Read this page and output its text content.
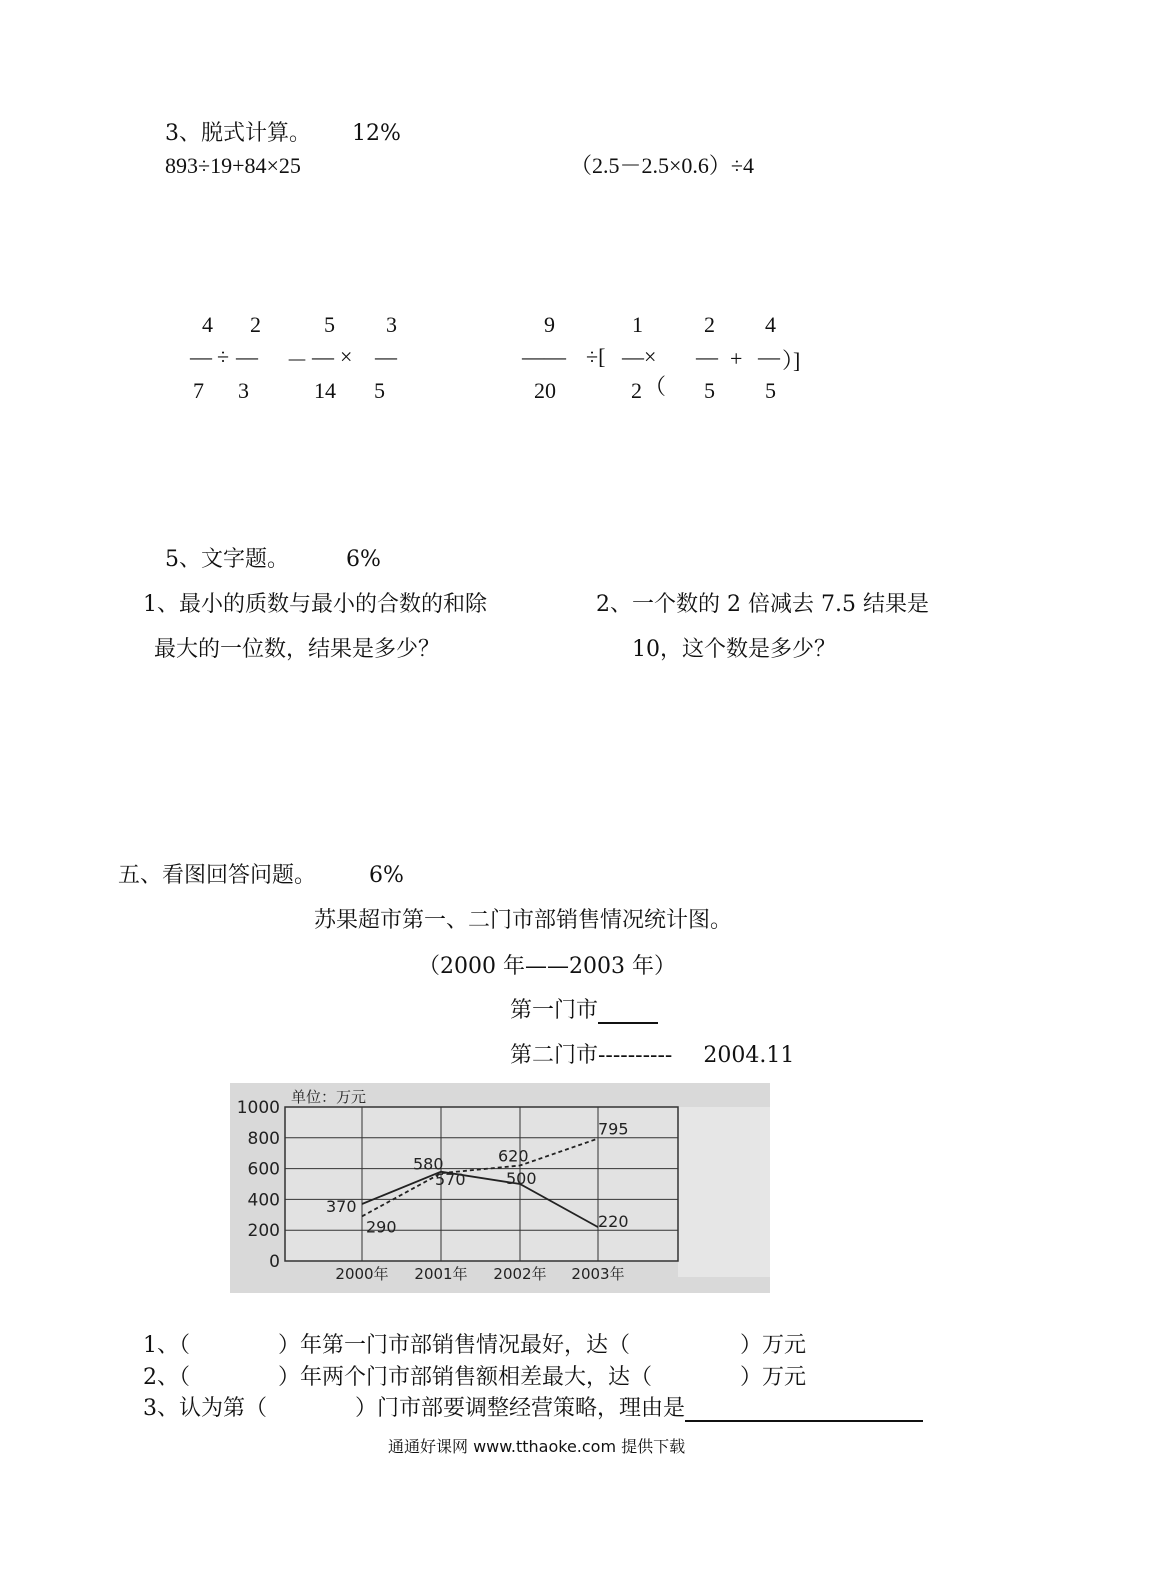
3、脱式计算。 12%
893÷19+84×25	（2.5－2.5×0.6）÷4
4
—
7
÷
2
—
3
－
5
—
14
×
3
—
5
9
——
20
÷[
1
—
2
×（
2
—
5
+
4
—
5
）]
5、文字题。	6%
1、最小的质数与最小的合数的和除
最大的一位数，结果是多少？
2、一个数的 2 倍减去 7.5 结果是
10，这个数是多少？
五、看图回答问题。 6%
苏果超市第一、二门市部销售情况统计图。
（2000 年——2003 年）
第一门市
第二门市---------- 2004.11
0
200
400
600
800
1000
2000年 2001年 2002年 2003年
单位：万元
370
580
500
220
290
570
620
795
1、（　　　　）年第一门市部销售情况最好，达（　　　　　）万元
2、（　　　　）年两个门市部销售额相差最大，达（　　　　）万元
3、认为第（　　　　）门市部要调整经营策略，理由是
通通好课网 www.tthaoke.com 提供下载
